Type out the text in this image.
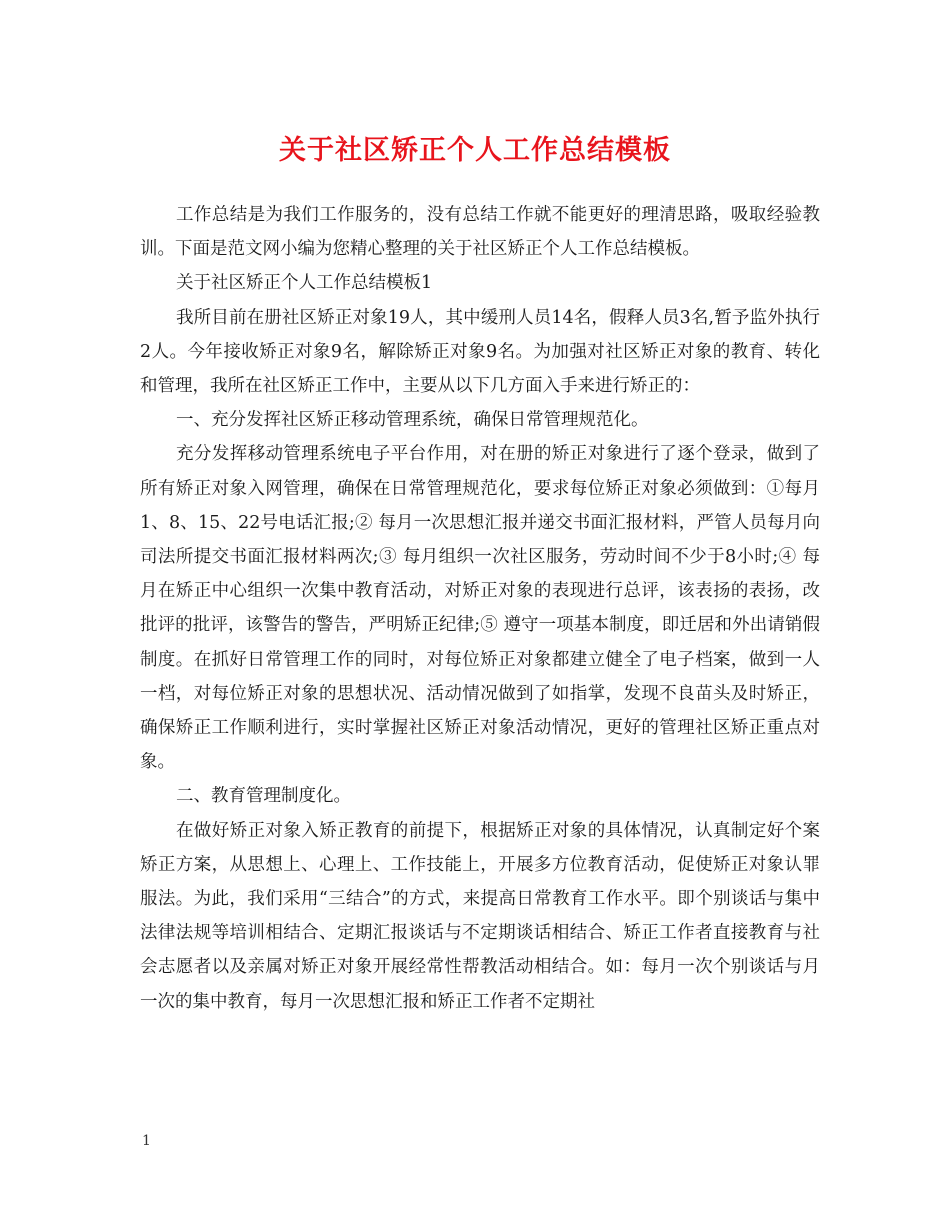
关于社区矫正个人工作总结模板

工作总结是为我们工作服务的，没有总结工作就不能更好的理清思路，吸取经验教训。下面是范文网小编为您精心整理的关于社区矫正个人工作总结模板。

关于社区矫正个人工作总结模板1

我所目前在册社区矫正对象19人，其中缓刑人员14名，假释人员3名,暂予监外执行2人。今年接收矫正对象9名，解除矫正对象9名。为加强对社区矫正对象的教育、转化和管理，我所在社区矫正工作中，主要从以下几方面入手来进行矫正的：

一、充分发挥社区矫正移动管理系统，确保日常管理规范化。

充分发挥移动管理系统电子平台作用，对在册的矫正对象进行了逐个登录，做到了所有矫正对象入网管理，确保在日常管理规范化，要求每位矫正对象必须做到：①每月1、8、15、22号电话汇报;② 每月一次思想汇报并递交书面汇报材料，严管人员每月向司法所提交书面汇报材料两次;③ 每月组织一次社区服务，劳动时间不少于8小时;④ 每月在矫正中心组织一次集中教育活动，对矫正对象的表现进行总评，该表扬的表扬，改批评的批评，该警告的警告，严明矫正纪律;⑤ 遵守一项基本制度，即迁居和外出请销假制度。在抓好日常管理工作的同时，对每位矫正对象都建立健全了电子档案，做到一人一档，对每位矫正对象的思想状况、活动情况做到了如指掌，发现不良苗头及时矫正，确保矫正工作顺利进行，实时掌握社区矫正对象活动情况，更好的管理社区矫正重点对象。

二、教育管理制度化。

在做好矫正对象入矫正教育的前提下，根据矫正对象的具体情况，认真制定好个案矫正方案，从思想上、心理上、工作技能上，开展多方位教育活动，促使矫正对象认罪服法。为此，我们采用“三结合”的方式，来提高日常教育工作水平。即个别谈话与集中法律法规等培训相结合、定期汇报谈话与不定期谈话相结合、矫正工作者直接教育与社会志愿者以及亲属对矫正对象开展经常性帮教活动相结合。如：每月一次个别谈话与月一次的集中教育，每月一次思想汇报和矫正工作者不定期社

1
